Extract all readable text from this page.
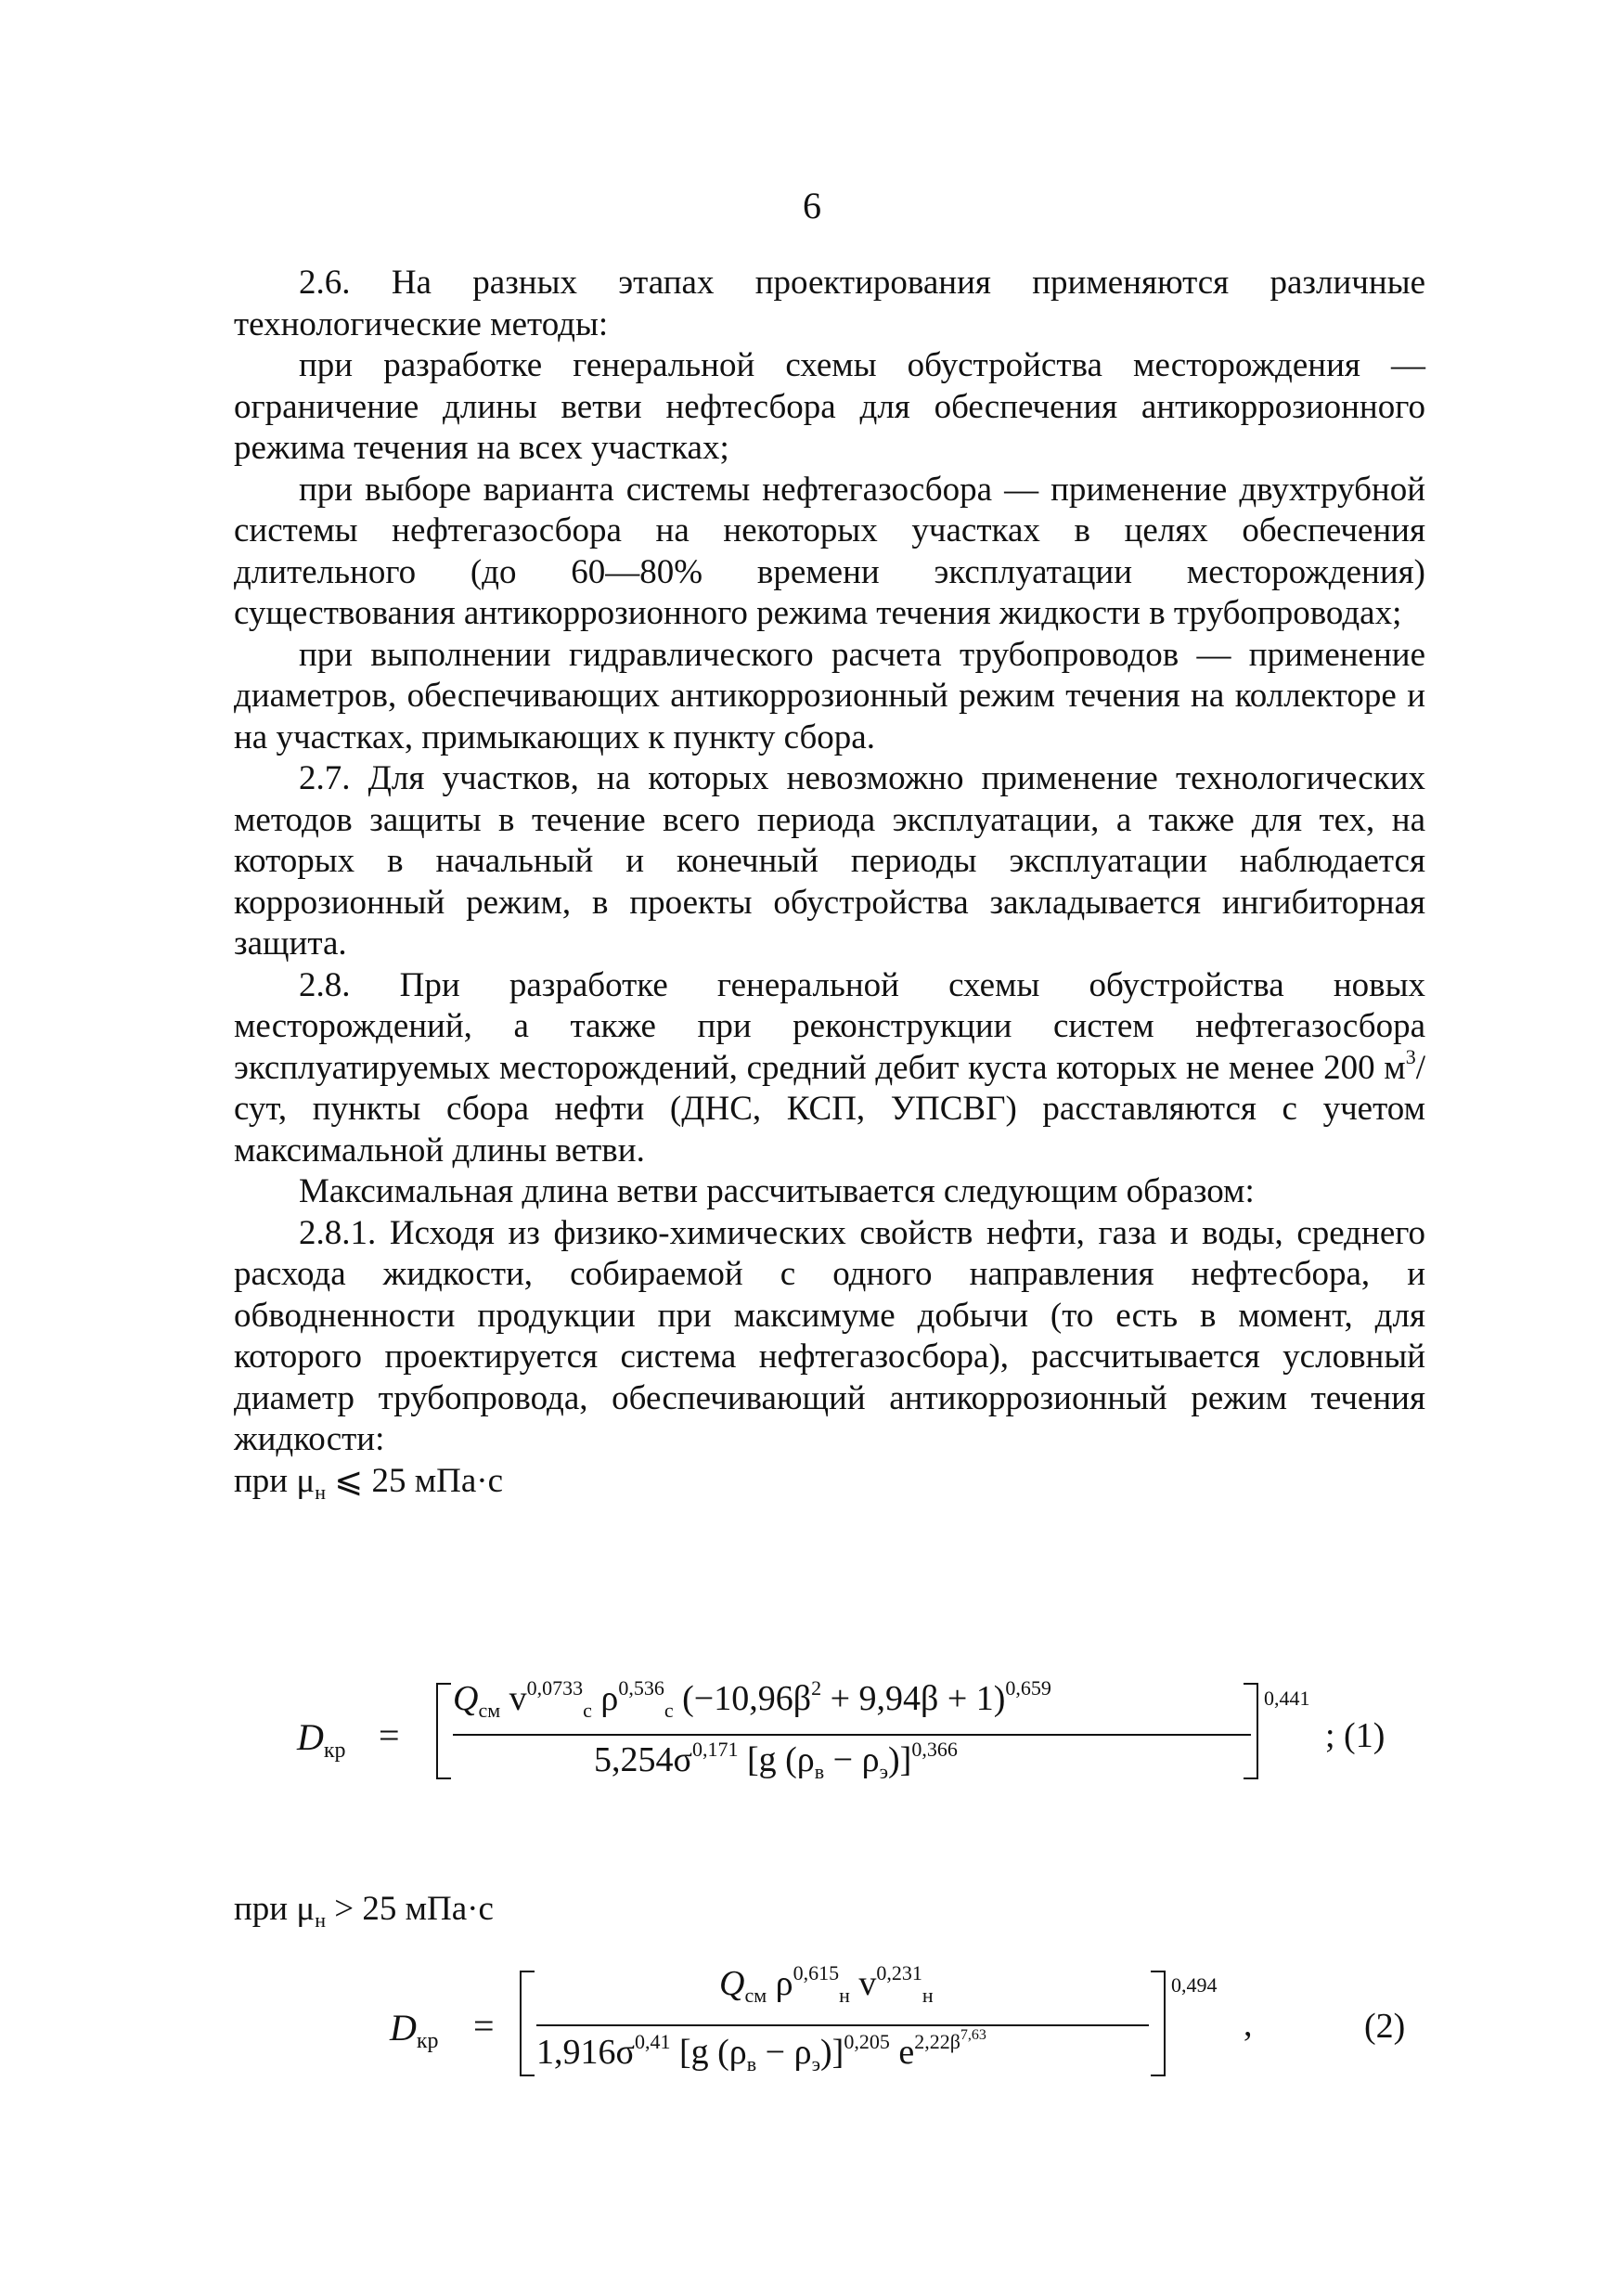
6

2.6. На разных этапах проектирования применяются различные технологические методы:

при разработке генеральной схемы обустройства месторождения — ограничение длины ветви нефтесбора для обеспечения антикоррозионного режима течения на всех участках;

при выборе варианта системы нефтегазосбора — применение двухтрубной системы нефтегазосбора на некоторых участках в целях обеспечения длительного (до 60—80% времени эксплуатации месторождения) существования антикоррозионного режима течения жидкости в трубопроводах;

при выполнении гидравлического расчета трубопроводов — применение диаметров, обеспечивающих антикоррозионный режим течения на коллекторе и на участках, примыкающих к пункту сбора.

2.7. Для участков, на которых невозможно применение технологических методов защиты в течение всего периода эксплуатации, а также для тех, на которых в начальный и конечный периоды эксплуатации наблюдается коррозионный режим, в проекты обустройства закладывается ингибиторная защита.

2.8. При разработке генеральной схемы обустройства новых месторождений, а также при реконструкции систем нефтегазосбора эксплуатируемых месторождений, средний дебит куста которых не менее 200 $м^3$/сут, пункты сбора нефти (ДНС, КСП, УПСВГ) расставляются с учетом максимальной длины ветви.

Максимальная длина ветви рассчитывается следующим образом:

2.8.1. Исходя из физико-химических свойств нефти, газа и воды, среднего расхода жидкости, собираемой с одного направления нефтесбора, и обводненности продукции при максимуме добычи (то есть в момент, для которого проектируется система нефтегазосбора), рассчитывается условный диаметр трубопровода, обеспечивающий антикоррозионный режим течения жидкости:

при $\mu_н$ ⩽ 25 мПа·с

$D_{кр}$ =
$Q_{см}$ $v^{0,0733}_с$ $\rho^{0,536}_с$ $(-10,96\beta^2 + 9,94\beta + 1)^{0,659}$
$5,254\sigma^{0,171}$ [g $(\rho_в - \rho_э)]^{0,366}$
0,441
; (1)
при $\mu_н > 25$ мПа·с
$D_{кр}$ =
$Q_{см}$ $\rho^{0,615}_н$ $v^{0,231}_н$
$1,916\sigma^{0,41}$ [g $(\rho_в - \rho_э)]^{0,205}$ $e^{2,22\beta^{7,63}}$
0,494
,	(2)
